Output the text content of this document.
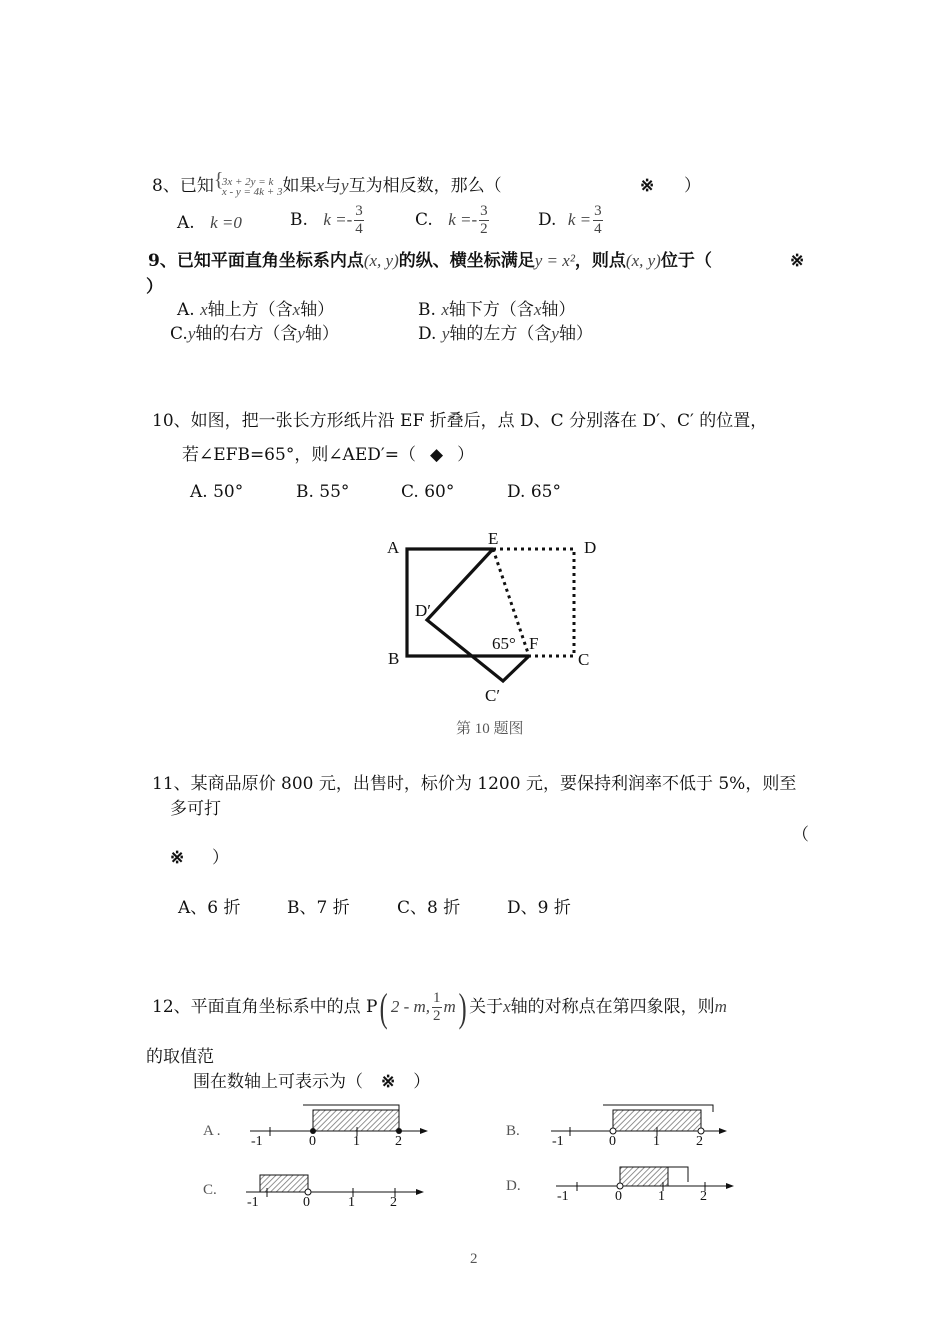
8、已知{ 3x + 2y = k
x - y = 4k + 3如果x与y互为相反数，那么（	※ ）
A. k =0	B. $k =- \frac{3}{4}$	C. $k =- \frac{3}{2}$	D. $k = \frac{3}{4}$
9、已知平面直角坐标系内点(x, y)的纵、横坐标满足y = x²，则点(x, y)位于（	※
）
A. x轴上方（含x轴）	B. x轴下方（含x轴）
C.y轴的右方（含y轴）	D. y轴的左方（含y轴）
10、如图，把一张长方形纸片沿 EF 折叠后，点 D、C 分别落在 D′、C′ 的位置，
若∠EFB=65°，则∠AED′=（ ◆ ）
A. 50°	B. 55°	C. 60°	D. 65°
A	E	D
D′
B
65° F
C
C′
第 10 题图
11、某商品原价 800 元，出售时，标价为 1200 元，要保持利润率不低于 5%，则至
多可打
（
※ ）
A、6 折	B、7 折	C、8 折	D、9 折
12、平面直角坐标系中的点 P( 2 - m, $\frac{1}{2} m$) 关于x轴的对称点在第四象限，则m
的取值范
围在数轴上可表示为（ ※ ）
A .	B.
C.	D.
-1	0	1	2	-1	0	1	2
-1	0	1	2	-1	0	1	2
2
